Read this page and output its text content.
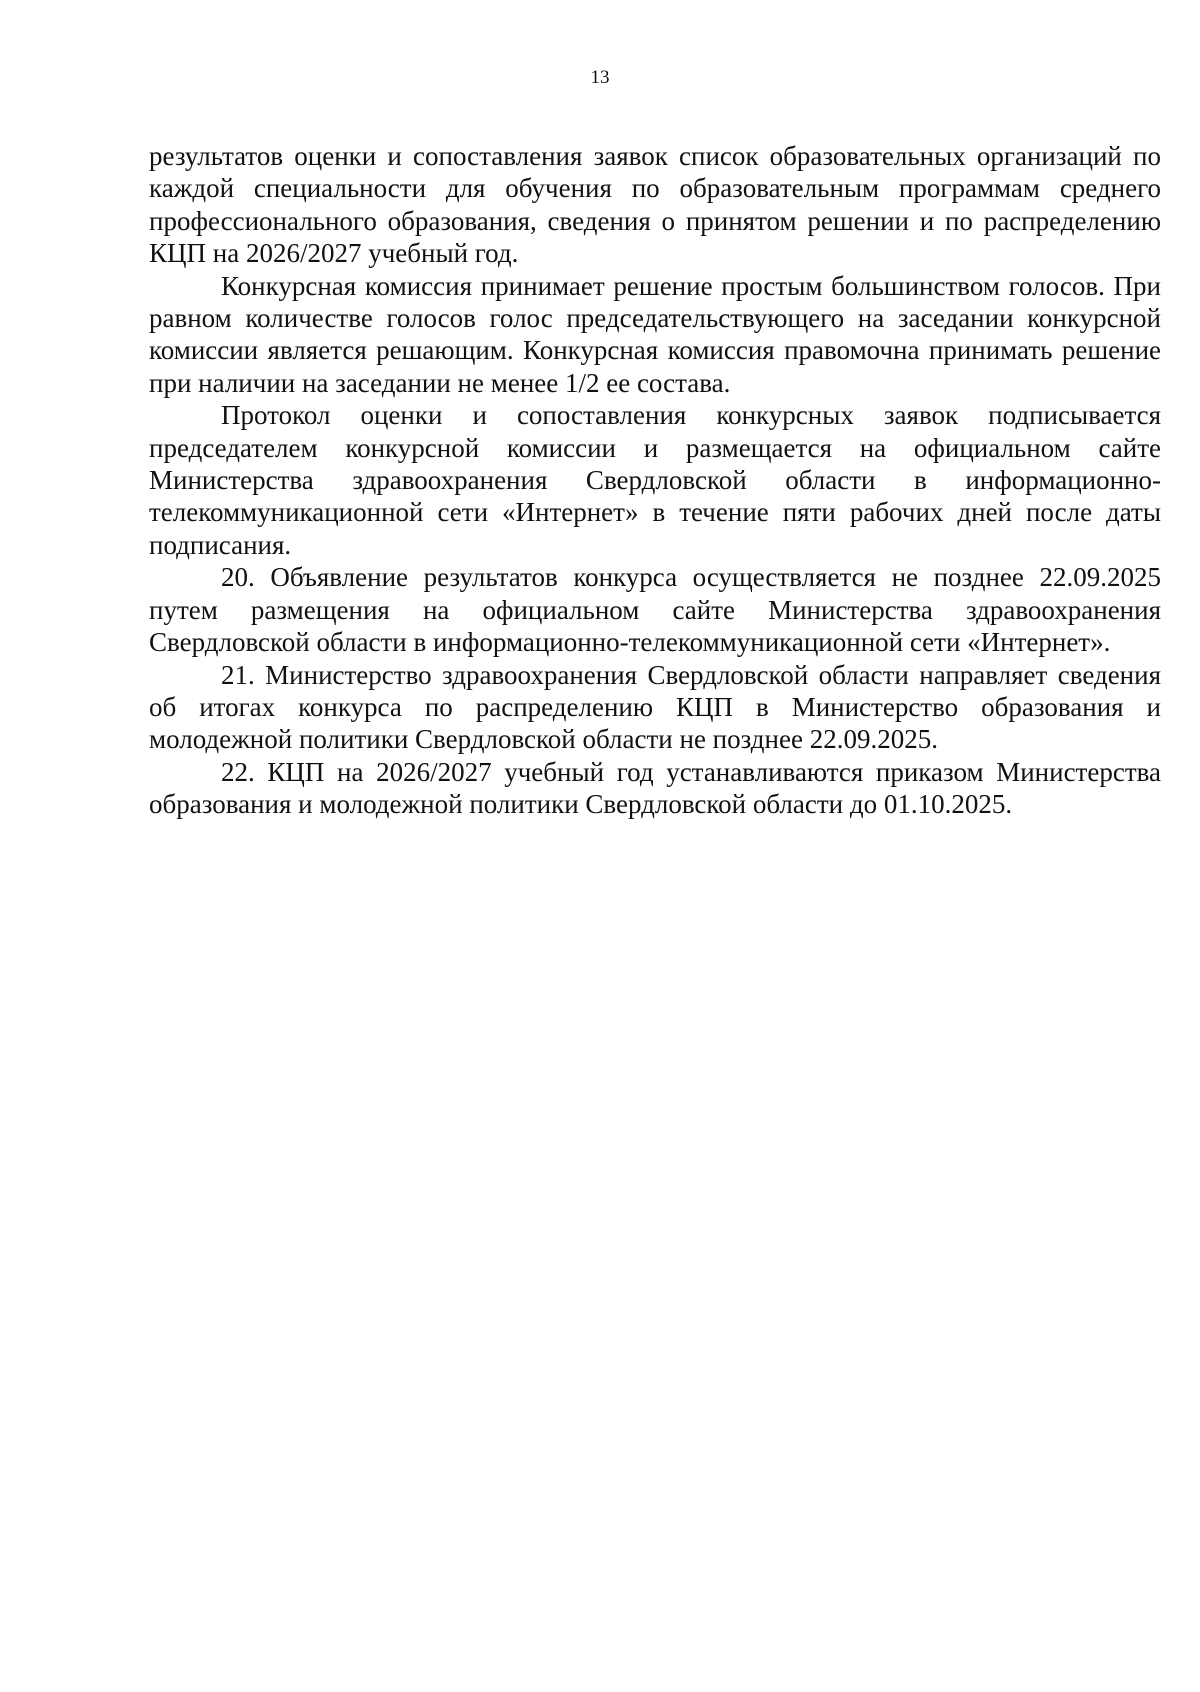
13

результатов оценки и сопоставления заявок список образовательных организаций по каждой специальности для обучения по образовательным программам среднего профессионального образования, сведения о принятом решении и по распределению КЦП на 2026/2027 учебный год.

Конкурсная комиссия принимает решение простым большинством голосов. При равном количестве голосов голос председательствующего на заседании конкурсной комиссии является решающим. Конкурсная комиссия правомочна принимать решение при наличии на заседании не менее 1/2 ее состава.

Протокол оценки и сопоставления конкурсных заявок подписывается председателем конкурсной комиссии и размещается на официальном сайте Министерства здравоохранения Свердловской области в информационно-телекоммуникационной сети «Интернет» в течение пяти рабочих дней после даты подписания.

20. Объявление результатов конкурса осуществляется не позднее 22.09.2025 путем размещения на официальном сайте Министерства здравоохранения Свердловской области в информационно-телекоммуникационной сети «Интернет».

21. Министерство здравоохранения Свердловской области направляет сведения об итогах конкурса по распределению КЦП в Министерство образования и молодежной политики Свердловской области не позднее 22.09.2025.

22. КЦП на 2026/2027 учебный год устанавливаются приказом Министерства образования и молодежной политики Свердловской области до 01.10.2025.
